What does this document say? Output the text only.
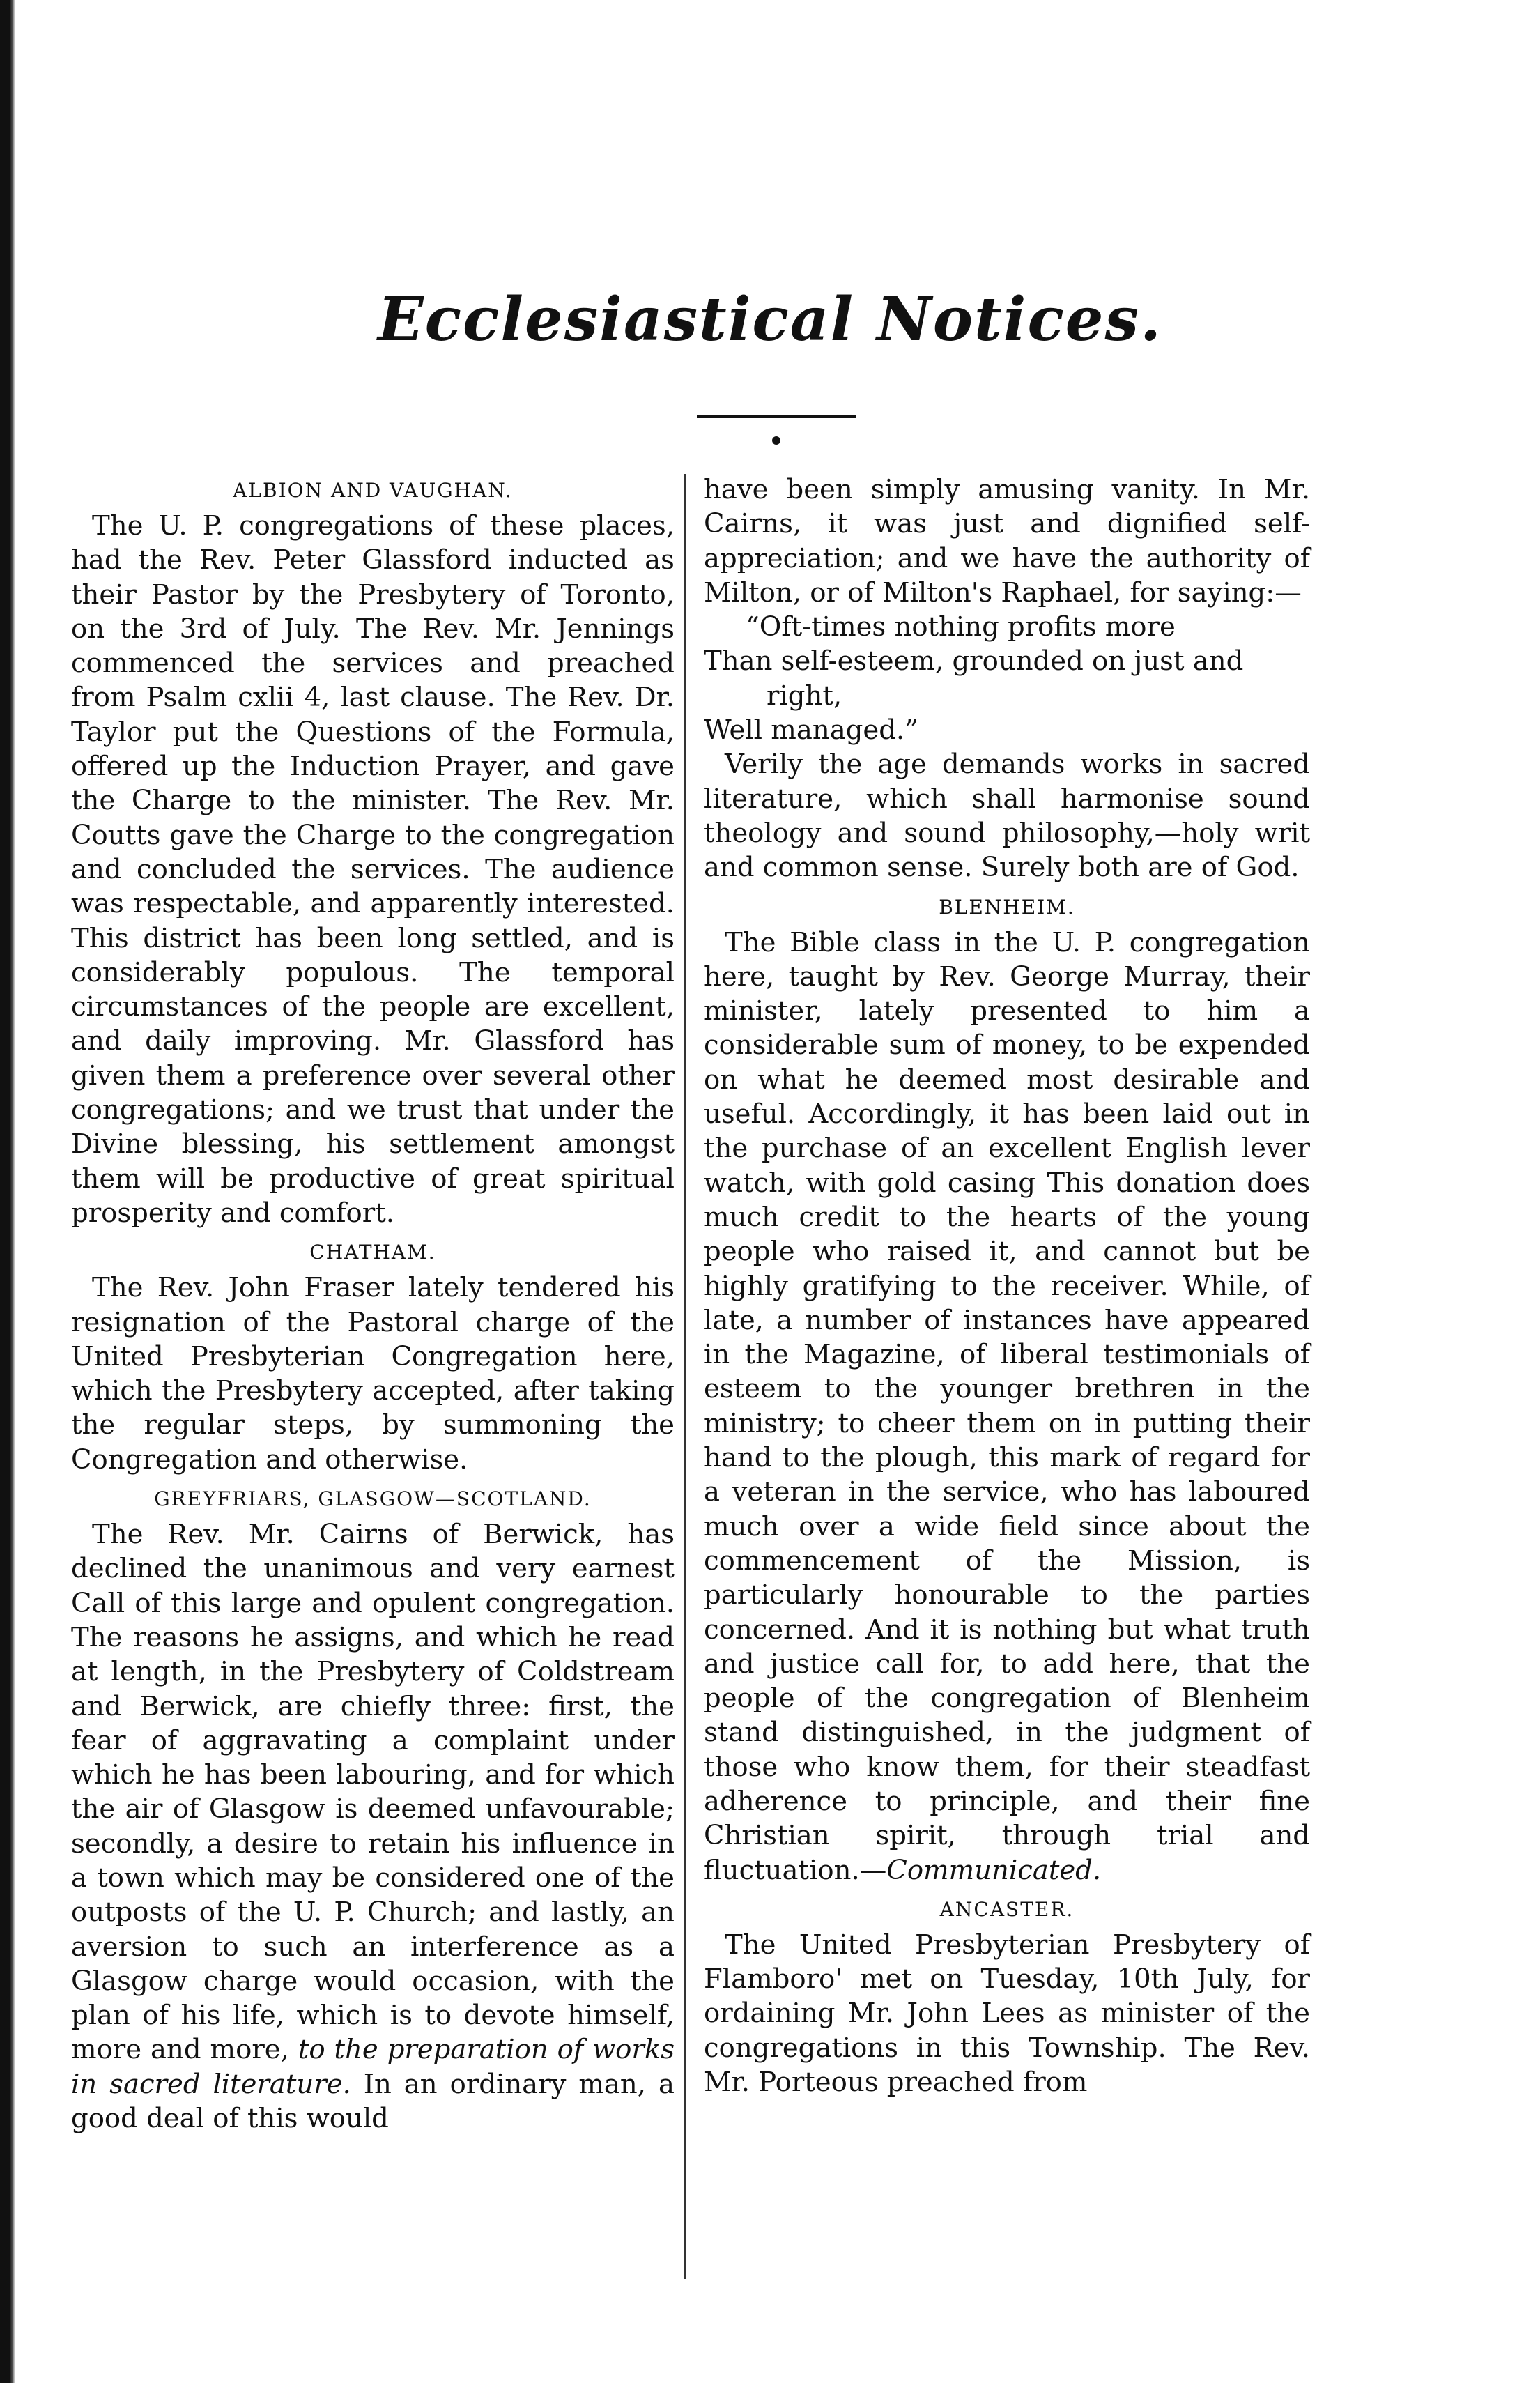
Ecclesiastical Notices.
ALBION AND VAUGHAN.

The U. P. congregations of these places, had the Rev. Peter Glassford inducted as their Pastor by the Presbytery of Toronto, on the 3rd of July. The Rev. Mr. Jennings commenced the services and preached from Psalm cxlii 4, last clause. The Rev. Dr. Taylor put the Questions of the Formula, offered up the Induction Prayer, and gave the Charge to the minister. The Rev. Mr. Coutts gave the Charge to the congregation and concluded the services. The audience was respectable, and apparently interested. This district has been long settled, and is considerably populous. The temporal circumstances of the people are excellent, and daily improving. Mr. Glassford has given them a preference over several other congregations; and we trust that under the Divine blessing, his settlement amongst them will be productive of great spiritual prosperity and comfort.

CHATHAM.

The Rev. John Fraser lately tendered his resignation of the Pastoral charge of the United Presbyterian Congregation here, which the Presbytery accepted, after taking the regular steps, by summoning the Congregation and otherwise.

GREYFRIARS, GLASGOW—SCOTLAND.

The Rev. Mr. Cairns of Berwick, has declined the unanimous and very earnest Call of this large and opulent congregation. The reasons he assigns, and which he read at length, in the Presbytery of Coldstream and Berwick, are chiefly three: first, the fear of aggravating a complaint under which he has been labouring, and for which the air of Glasgow is deemed unfavourable; secondly, a desire to retain his influence in a town which may be considered one of the outposts of the U. P. Church; and lastly, an aversion to such an interference as a Glasgow charge would occasion, with the plan of his life, which is to devote himself, more and more, to the preparation of works in sacred literature. In an ordinary man, a good deal of this would

have been simply amusing vanity. In Mr. Cairns, it was just and dignified self-appreciation; and we have the authority of Milton, or of Milton's Raphael, for saying:—

“Oft-times nothing profits more
Than self-esteem, grounded on just and
right,
Well managed.”

Verily the age demands works in sacred literature, which shall harmonise sound theology and sound philosophy,—holy writ and common sense. Surely both are of God.

BLENHEIM.

The Bible class in the U. P. congregation here, taught by Rev. George Murray, their minister, lately presented to him a considerable sum of money, to be expended on what he deemed most desirable and useful. Accordingly, it has been laid out in the purchase of an excellent English lever watch, with gold casing This donation does much credit to the hearts of the young people who raised it, and cannot but be highly gratifying to the receiver. While, of late, a number of instances have appeared in the Magazine, of liberal testimonials of esteem to the younger brethren in the ministry; to cheer them on in putting their hand to the plough, this mark of regard for a veteran in the service, who has laboured much over a wide field since about the commencement of the Mission, is particularly honourable to the parties concerned. And it is nothing but what truth and justice call for, to add here, that the people of the congregation of Blenheim stand distinguished, in the judgment of those who know them, for their steadfast adherence to principle, and their fine Christian spirit, through trial and fluctuation.—Communicated.

ANCASTER.

The United Presbyterian Presbytery of Flamboro' met on Tuesday, 10th July, for ordaining Mr. John Lees as minister of the congregations in this Township. The Rev. Mr. Porteous preached from
